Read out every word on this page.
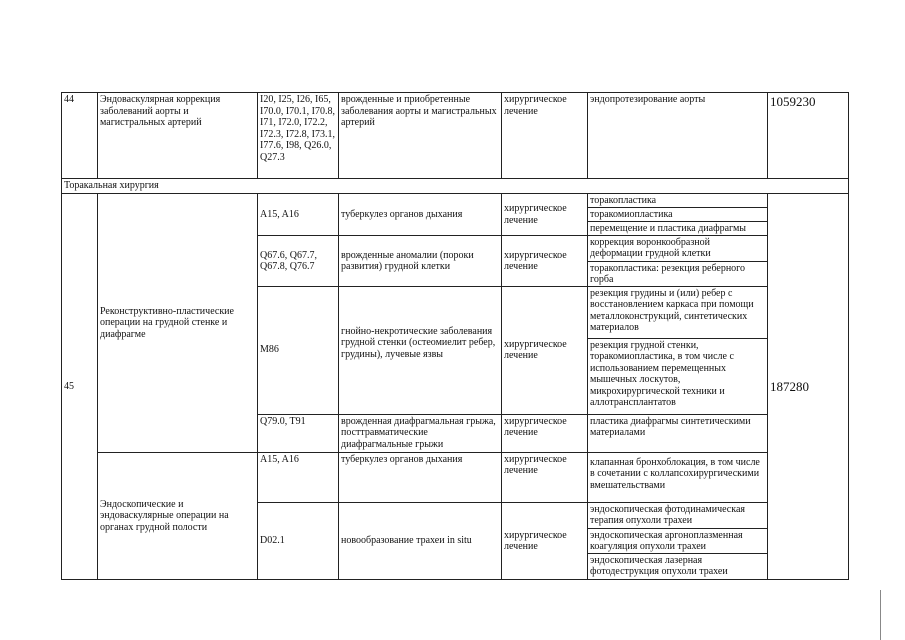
44	Эндоваскулярная коррекция заболеваний аорты и магистральных артерий	I20, I25, I26, I65, I70.0, I70.1, I70.8, I71, I72.0, I72.2, I72.3, I72.8, I73.1, I77.6, I98, Q26.0, Q27.3	врожденные и приобретенные заболевания аорты и магистральных артерий	хирургическое лечение	эндопротезирование аорты	1059230
Торакальная хирургия						
45	Реконструктивно-пластические операции на грудной стенке и диафрагме	A15, A16	туберкулез органов дыхания	хирургическое лечение	торакопластика	187280
					торакомиопластика	
					перемещение и пластика диафрагмы	
		Q67.6, Q67.7, Q67.8, Q76.7	врожденные аномалии (пороки развития) грудной клетки	хирургическое лечение	коррекция воронкообразной деформации грудной клетки	
					торакопластика: резекция реберного горба	
		M86	гнойно-некротические заболевания грудной стенки (остеомиелит ребер, грудины), лучевые язвы	хирургическое лечение	резекция грудины и (или) ребер с восстановлением каркаса при помощи металлоконструкций, синтетических материалов	
					резекция грудной стенки, торакомиопластика, в том числе с использованием перемещенных мышечных лоскутов, микрохирургической техники и аллотрансплантатов	
		Q79.0, T91	врожденная диафрагмальная грыжа, посттравматические диафрагмальные грыжи	хирургическое лечение	пластика диафрагмы синтетическими материалами	
	Эндоскопические и эндоваскулярные операции на органах грудной полости	A15, A16	туберкулез органов дыхания	хирургическое лечение	клапанная бронхоблокация, в том числе в сочетании с коллапсохирургическими вмешательствами	
		D02.1	новообразование трахеи in situ	хирургическое лечение	эндоскопическая фотодинамическая терапия опухоли трахеи	
					эндоскопическая аргоноплазменная коагуляция опухоли трахеи	

					эндоскопическая лазерная фотодеструкция опухоли трахеи	
